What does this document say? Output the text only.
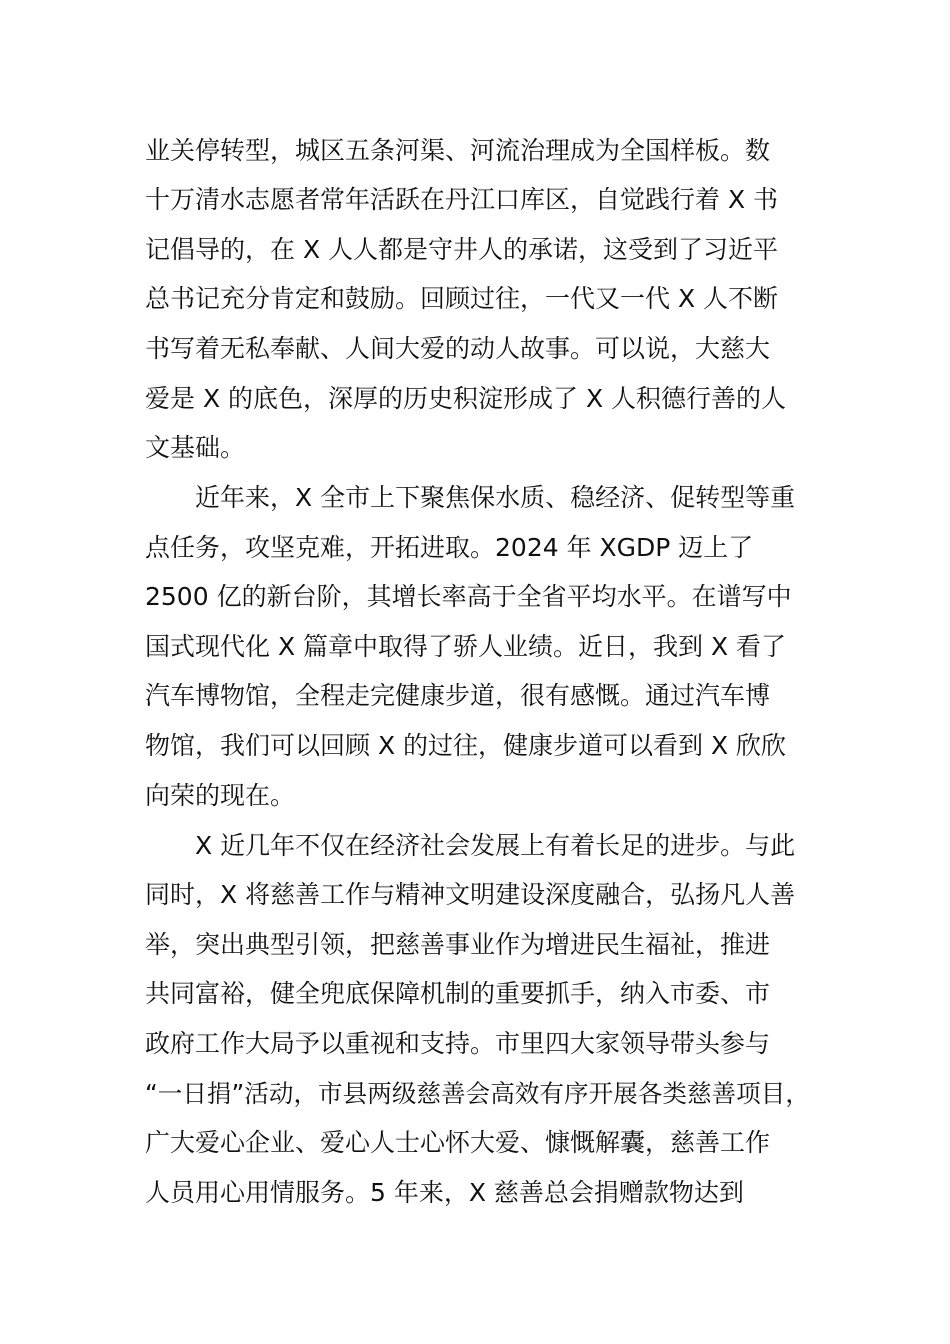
业关停转型，城区五条河渠、河流治理成为全国样板。数
十万清水志愿者常年活跃在丹江口库区，自觉践行着 X 书
记倡导的，在 X 人人都是守井人的承诺，这受到了习近平
总书记充分肯定和鼓励。回顾过往，一代又一代 X 人不断
书写着无私奉献、人间大爱的动人故事。可以说，大慈大
爱是 X 的底色，深厚的历史积淀形成了 X 人积德行善的人
文基础。
近年来，X 全市上下聚焦保水质、稳经济、促转型等重
点任务，攻坚克难，开拓进取。2024 年 XGDP 迈上了
2500 亿的新台阶，其增长率高于全省平均水平。在谱写中
国式现代化 X 篇章中取得了骄人业绩。近日，我到 X 看了
汽车博物馆，全程走完健康步道，很有感慨。通过汽车博
物馆，我们可以回顾 X 的过往，健康步道可以看到 X 欣欣
向荣的现在。
X 近几年不仅在经济社会发展上有着长足的进步。与此
同时，X 将慈善工作与精神文明建设深度融合，弘扬凡人善
举，突出典型引领，把慈善事业作为增进民生福祉，推进
共同富裕，健全兜底保障机制的重要抓手，纳入市委、市
政府工作大局予以重视和支持。市里四大家领导带头参与
“一日捐”活动，市县两级慈善会高效有序开展各类慈善项目，
广大爱心企业、爱心人士心怀大爱、慷慨解囊，慈善工作
人员用心用情服务。5 年来，X 慈善总会捐赠款物达到
